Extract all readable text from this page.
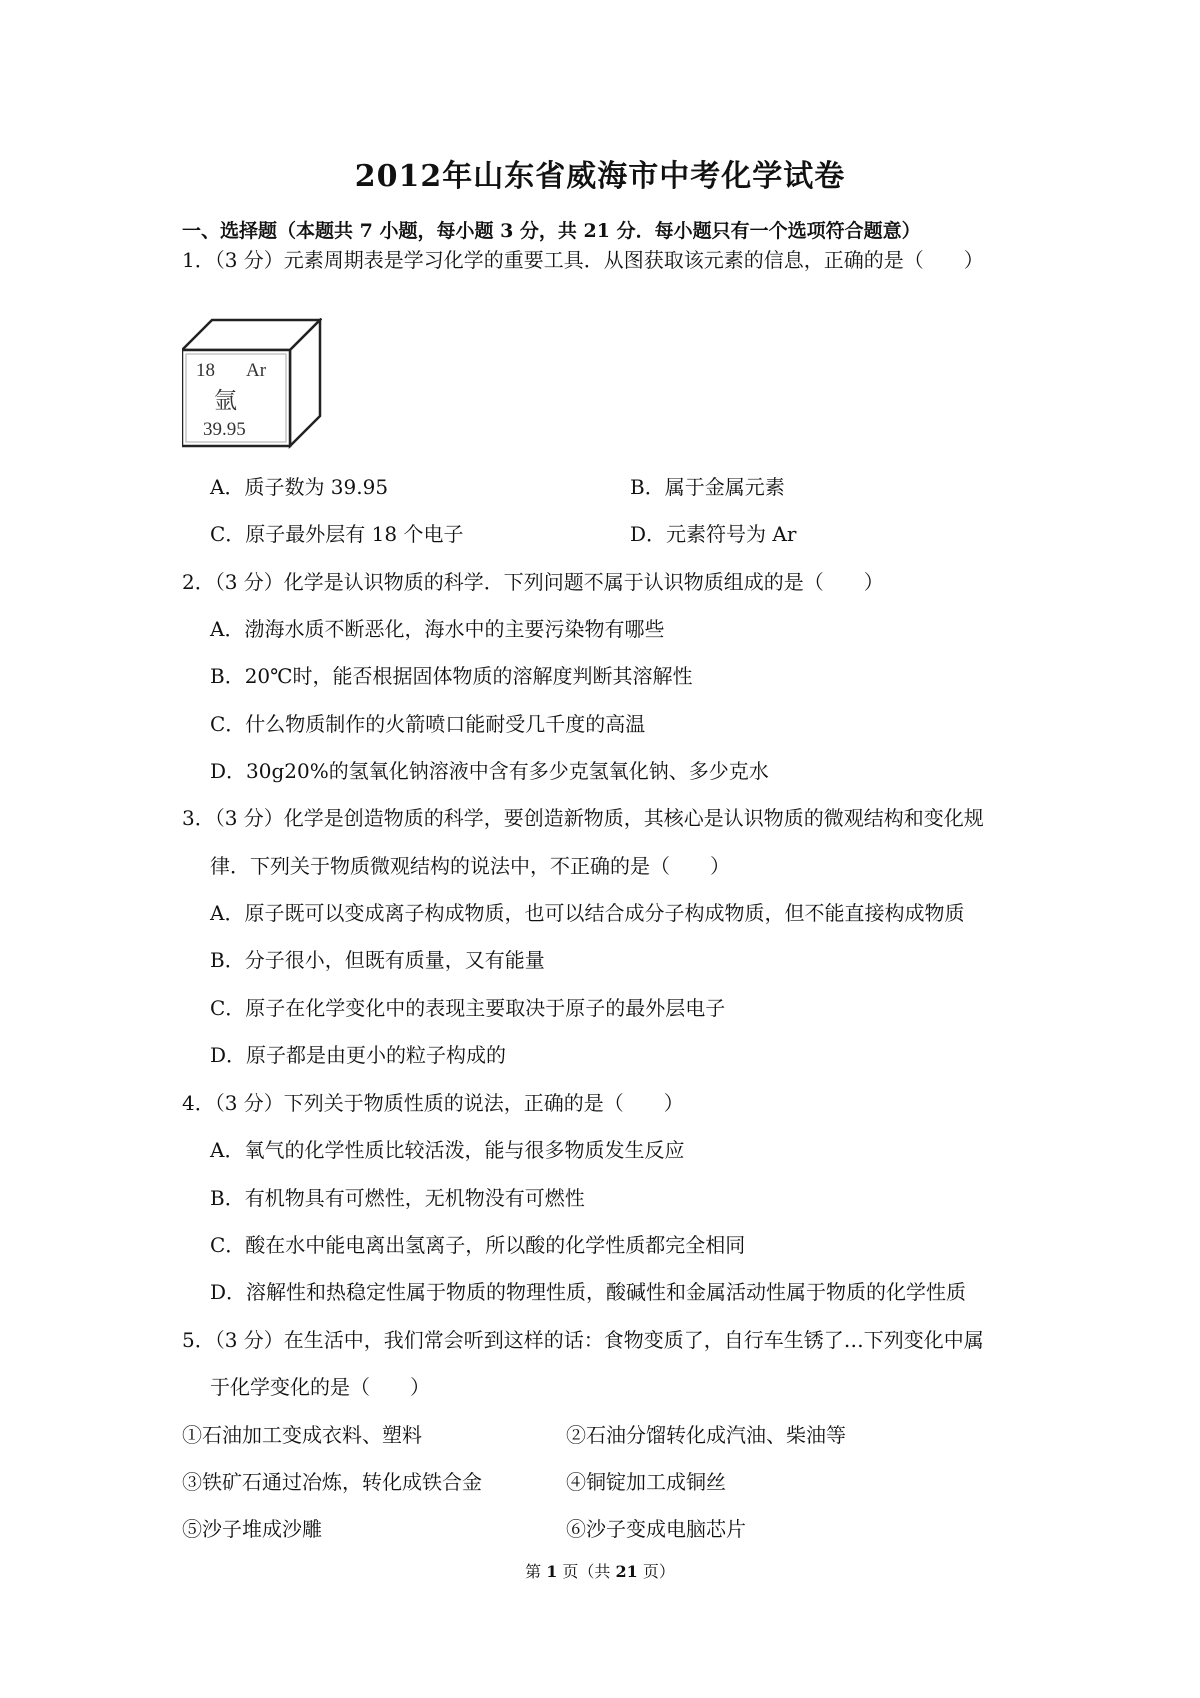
2012年山东省威海市中考化学试卷
一、选择题（本题共 7 小题，每小题 3 分，共 21 分．每小题只有一个选项符合题意）
1．（3 分）元素周期表是学习化学的重要工具．从图获取该元素的信息，正确的是（　　）
18 Ar
氩
39.95
A．质子数为 39.95	B．属于金属元素
C．原子最外层有 18 个电子	D．元素符号为 Ar
2．（3 分）化学是认识物质的科学．下列问题不属于认识物质组成的是（　　）
A．渤海水质不断恶化，海水中的主要污染物有哪些
B．20℃时，能否根据固体物质的溶解度判断其溶解性
C．什么物质制作的火箭喷口能耐受几千度的高温
D．30g20%的氢氧化钠溶液中含有多少克氢氧化钠、多少克水
3．（3 分）化学是创造物质的科学，要创造新物质，其核心是认识物质的微观结构和变化规
律．下列关于物质微观结构的说法中，不正确的是（　　）
A．原子既可以变成离子构成物质，也可以结合成分子构成物质，但不能直接构成物质
B．分子很小，但既有质量，又有能量
C．原子在化学变化中的表现主要取决于原子的最外层电子
D．原子都是由更小的粒子构成的
4．（3 分）下列关于物质性质的说法，正确的是（　　）
A．氧气的化学性质比较活泼，能与很多物质发生反应
B．有机物具有可燃性，无机物没有可燃性
C．酸在水中能电离出氢离子，所以酸的化学性质都完全相同
D．溶解性和热稳定性属于物质的物理性质，酸碱性和金属活动性属于物质的化学性质
5．（3 分）在生活中，我们常会听到这样的话：食物变质了，自行车生锈了…下列变化中属
于化学变化的是（　　）
①石油加工变成衣料、塑料	②石油分馏转化成汽油、柴油等
③铁矿石通过冶炼，转化成铁合金	④铜锭加工成铜丝
⑤沙子堆成沙雕	⑥沙子变成电脑芯片
第 1 页（共 21 页）
